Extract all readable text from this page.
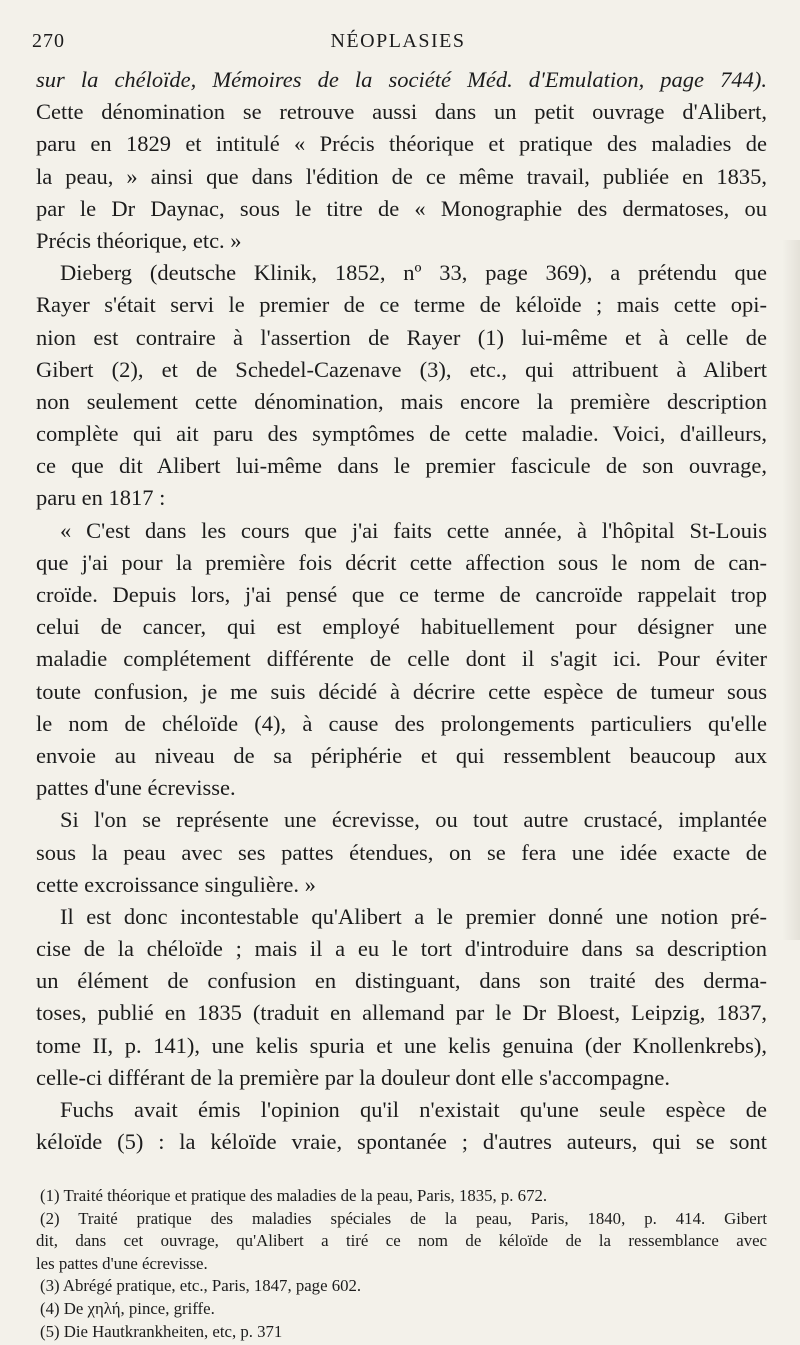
270	NÉOPLASIES
sur la chéloïde, Mémoires de la société Méd. d'Emulation, page 744).
Cette dénomination se retrouve aussi dans un petit ouvrage d'Alibert,
paru en 1829 et intitulé « Précis théorique et pratique des maladies de
la peau, » ainsi que dans l'édition de ce même travail, publiée en 1835,
par le Dr Daynac, sous le titre de « Monographie des dermatoses, ou
Précis théorique, etc. »
Dieberg (deutsche Klinik, 1852, nº 33, page 369), a prétendu que
Rayer s'était servi le premier de ce terme de kéloïde ; mais cette opi-
nion est contraire à l'assertion de Rayer (1) lui-même et à celle de
Gibert (2), et de Schedel-Cazenave (3), etc., qui attribuent à Alibert
non seulement cette dénomination, mais encore la première description
complète qui ait paru des symptômes de cette maladie. Voici, d'ailleurs,
ce que dit Alibert lui-même dans le premier fascicule de son ouvrage,
paru en 1817 :
« C'est dans les cours que j'ai faits cette année, à l'hôpital St-Louis
que j'ai pour la première fois décrit cette affection sous le nom de can-
croïde. Depuis lors, j'ai pensé que ce terme de cancroïde rappelait trop
celui de cancer, qui est employé habituellement pour désigner une
maladie complétement différente de celle dont il s'agit ici. Pour éviter
toute confusion, je me suis décidé à décrire cette espèce de tumeur sous
le nom de chéloïde (4), à cause des prolongements particuliers qu'elle
envoie au niveau de sa périphérie et qui ressemblent beaucoup aux
pattes d'une écrevisse.
Si l'on se représente une écrevisse, ou tout autre crustacé, implantée
sous la peau avec ses pattes étendues, on se fera une idée exacte de
cette excroissance singulière. »
Il est donc incontestable qu'Alibert a le premier donné une notion pré-
cise de la chéloïde ; mais il a eu le tort d'introduire dans sa description
un élément de confusion en distinguant, dans son traité des derma-
toses, publié en 1835 (traduit en allemand par le Dr Bloest, Leipzig, 1837,
tome II, p. 141), une kelis spuria et une kelis genuina (der Knollenkrebs),
celle-ci différant de la première par la douleur dont elle s'accompagne.
Fuchs avait émis l'opinion qu'il n'existait qu'une seule espèce de
kéloïde (5) : la kéloïde vraie, spontanée ; d'autres auteurs, qui se sont
(1) Traité théorique et pratique des maladies de la peau, Paris, 1835, p. 672.
(2) Traité pratique des maladies spéciales de la peau, Paris, 1840, p. 414. Gibert
dit, dans cet ouvrage, qu'Alibert a tiré ce nom de kéloïde de la ressemblance avec
les pattes d'une écrevisse.
(3) Abrégé pratique, etc., Paris, 1847, page 602.
(4) De χηλή, pince, griffe.
(5) Die Hautkrankheiten, etc, p. 371
